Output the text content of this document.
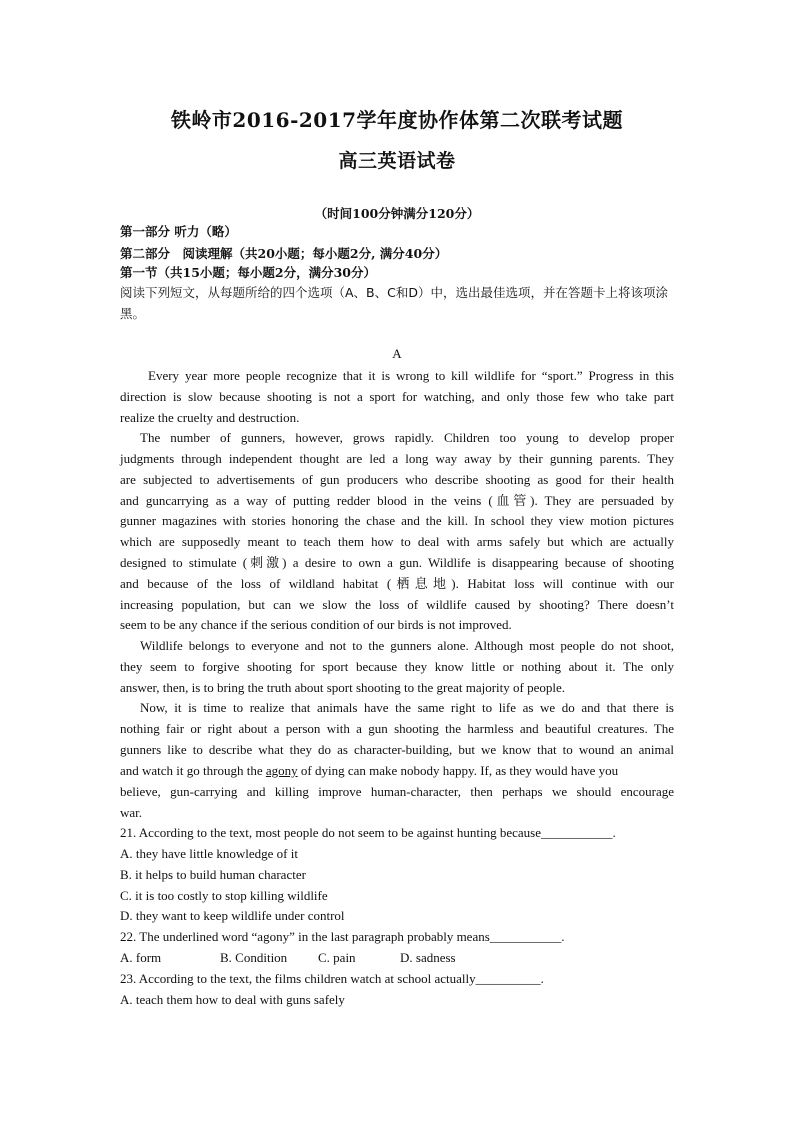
铁岭市2016-2017学年度协作体第二次联考试题
高三英语试卷
（时间100分钟满分120分）
第一部分 听力（略）
第二部分　阅读理解（共20小题；每小题2分, 满分40分）
第一节（共15小题；每小题2分，满分30分）
阅读下列短文，从每题所给的四个选项（A、B、C和D）中，选出最佳选项，并在答题卡上将该项涂黑。
A
Every year more people recognize that it is wrong to kill wildlife for “sport.” Progress in this
direction is slow because shooting is not a sport for watching, and only those few who take part
realize the cruelty and destruction.
The number of gunners, however, grows rapidly. Children too young to develop proper
judgments through independent thought are led a long way away by their gunning parents. They
are subjected to advertisements of gun producers who describe shooting as good for their health
and guncarrying as a way of putting redder blood in the veins (血管). They are persuaded by
gunner magazines with stories honoring the chase and the kill. In school they view motion pictures
which are supposedly meant to teach them how to deal with arms safely but which are actually
designed to stimulate (刺激) a desire to own a gun. Wildlife is disappearing because of shooting
and because of the loss of wildland habitat (栖息地). Habitat loss will continue with our
increasing population, but can we slow the loss of wildlife caused by shooting? There doesn’t
seem to be any chance if the serious condition of our birds is not improved.
Wildlife belongs to everyone and not to the gunners alone. Although most people do not shoot,
they seem to forgive shooting for sport because they know little or nothing about it. The only
answer, then, is to bring the truth about sport shooting to the great majority of people.
Now, it is time to realize that animals have the same right to life as we do and that there is
nothing fair or right about a person with a gun shooting the harmless and beautiful creatures. The
gunners like to describe what they do as character-building, but we know that to wound an animal
and watch it go through the agony of dying can make nobody happy. If, as they would have you
believe, gun-carrying and killing improve human-character, then perhaps we should encourage
war.
21. According to the text, most people do not seem to be against hunting because___________.
A. they have little knowledge of it
B. it helps to build human character
C. it is too costly to stop killing wildlife
D. they want to keep wildlife under control
22. The underlined word “agony” in the last paragraph probably means___________.
A. form	B. Condition C. pain	D. sadness
23. According to the text, the films children watch at school actually__________.
A. teach them how to deal with guns safely
